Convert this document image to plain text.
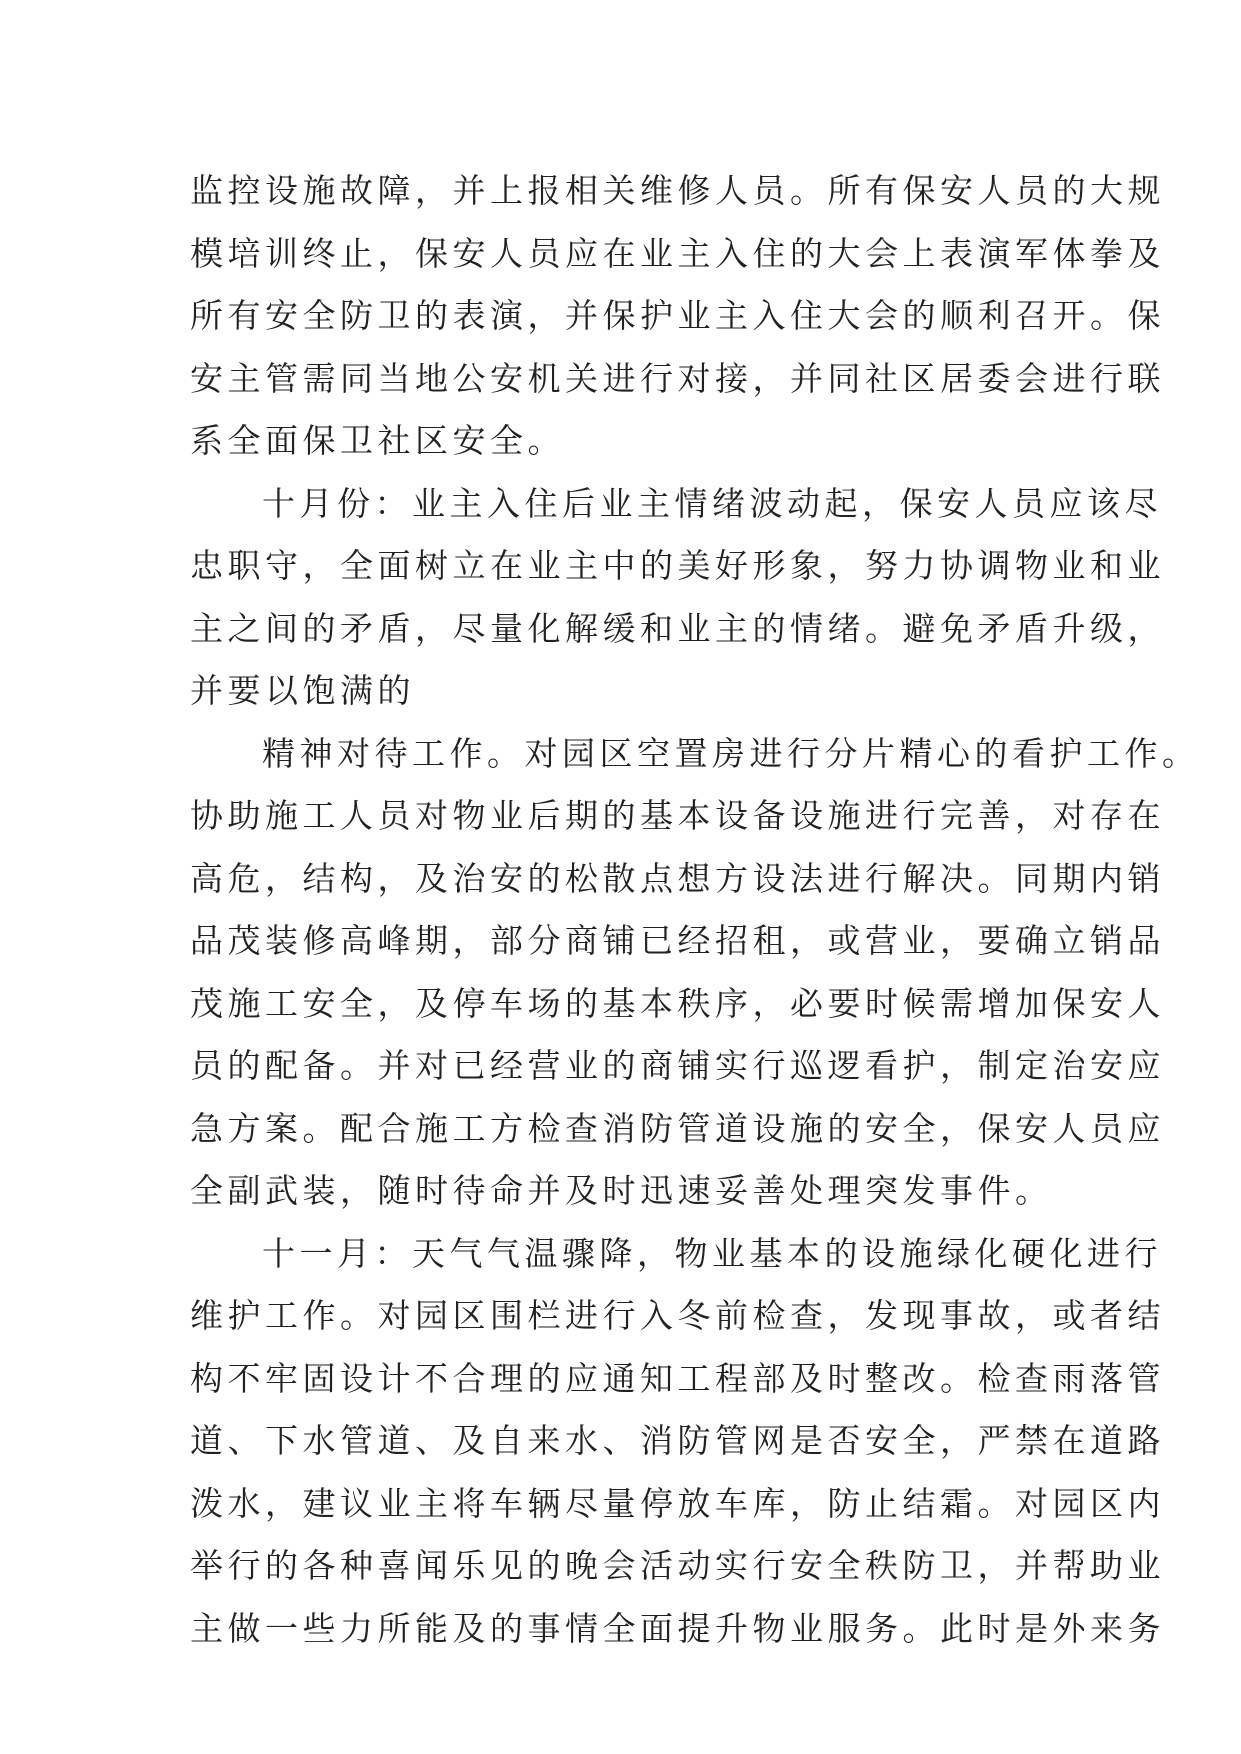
监控设施故障，并上报相关维修人员。所有保安人员的大规
模培训终止，保安人员应在业主入住的大会上表演军体拳及
所有安全防卫的表演，并保护业主入住大会的顺利召开。保
安主管需同当地公安机关进行对接，并同社区居委会进行联
系全面保卫社区安全。
十月份：业主入住后业主情绪波动起，保安人员应该尽
忠职守，全面树立在业主中的美好形象，努力协调物业和业
主之间的矛盾，尽量化解缓和业主的情绪。避免矛盾升级，
并要以饱满的
精神对待工作。对园区空置房进行分片精心的看护工作。
协助施工人员对物业后期的基本设备设施进行完善，对存在
高危，结构，及治安的松散点想方设法进行解决。同期内销
品茂装修高峰期，部分商铺已经招租，或营业，要确立销品
茂施工安全，及停车场的基本秩序，必要时候需增加保安人
员的配备。并对已经营业的商铺实行巡逻看护，制定治安应
急方案。配合施工方检查消防管道设施的安全，保安人员应
全副武装，随时待命并及时迅速妥善处理突发事件。
十一月：天气气温骤降，物业基本的设施绿化硬化进行
维护工作。对园区围栏进行入冬前检查，发现事故，或者结
构不牢固设计不合理的应通知工程部及时整改。检查雨落管
道、下水管道、及自来水、消防管网是否安全，严禁在道路
泼水，建议业主将车辆尽量停放车库，防止结霜。对园区内
举行的各种喜闻乐见的晚会活动实行安全秩防卫，并帮助业
主做一些力所能及的事情全面提升物业服务。此时是外来务
